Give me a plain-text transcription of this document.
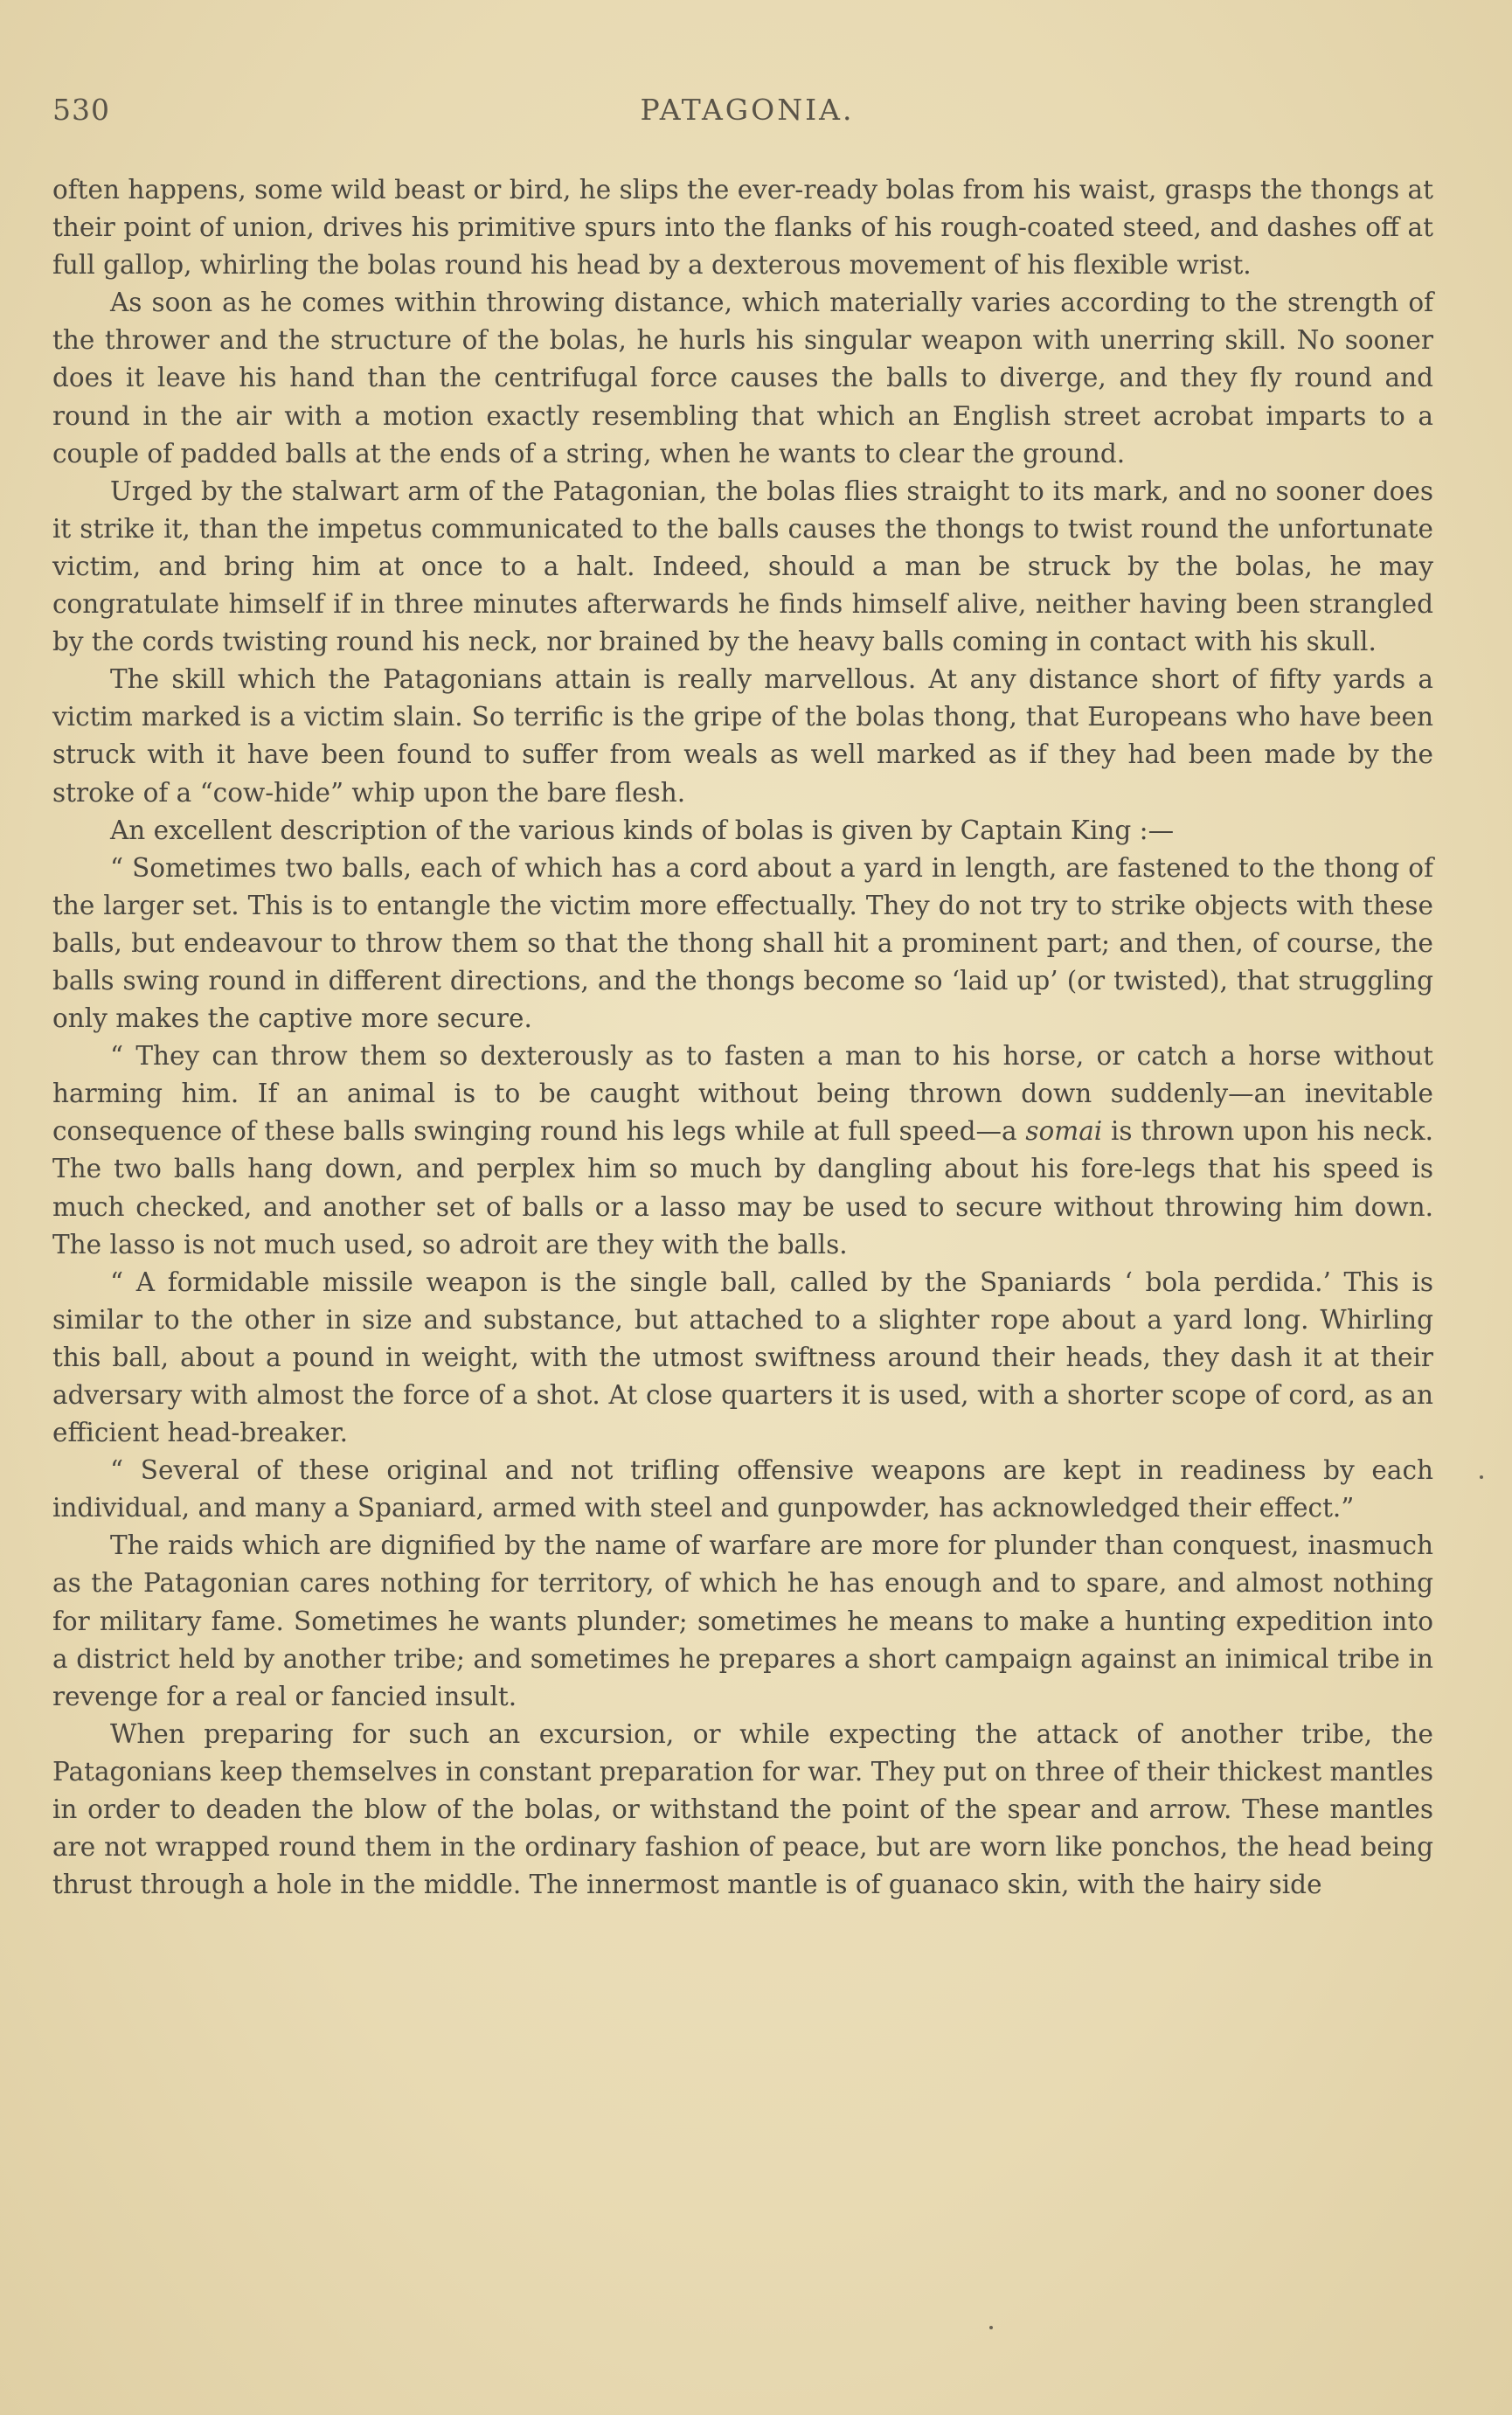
530	PATAGONIA.

often happens, some wild beast or bird, he slips the ever-ready bolas from his waist, grasps the thongs at their point of union, drives his primitive spurs into the flanks of his rough-coated steed, and dashes off at full gallop, whirling the bolas round his head by a dexterous movement of his flexible wrist.

As soon as he comes within throwing distance, which materially varies according to the strength of the thrower and the structure of the bolas, he hurls his singular weapon with unerring skill. No sooner does it leave his hand than the centrifugal force causes the balls to diverge, and they fly round and round in the air with a motion exactly resembling that which an English street acrobat imparts to a couple of padded balls at the ends of a string, when he wants to clear the ground.

Urged by the stalwart arm of the Patagonian, the bolas flies straight to its mark, and no sooner does it strike it, than the impetus communicated to the balls causes the thongs to twist round the unfortunate victim, and bring him at once to a halt. Indeed, should a man be struck by the bolas, he may congratulate himself if in three minutes afterwards he finds himself alive, neither having been strangled by the cords twisting round his neck, nor brained by the heavy balls coming in contact with his skull.

The skill which the Patagonians attain is really marvellous. At any distance short of fifty yards a victim marked is a victim slain. So terrific is the gripe of the bolas thong, that Europeans who have been struck with it have been found to suffer from weals as well marked as if they had been made by the stroke of a “cow-hide” whip upon the bare flesh.

An excellent description of the various kinds of bolas is given by Captain King :—

“ Sometimes two balls, each of which has a cord about a yard in length, are fastened to the thong of the larger set. This is to entangle the victim more effectually. They do not try to strike objects with these balls, but endeavour to throw them so that the thong shall hit a prominent part; and then, of course, the balls swing round in different directions, and the thongs become so ‘laid up’ (or twisted), that struggling only makes the captive more secure.

“ They can throw them so dexterously as to fasten a man to his horse, or catch a horse without harming him. If an animal is to be caught without being thrown down suddenly—an inevitable consequence of these balls swinging round his legs while at full speed—a somai is thrown upon his neck. The two balls hang down, and perplex him so much by dangling about his fore-legs that his speed is much checked, and another set of balls or a lasso may be used to secure without throwing him down. The lasso is not much used, so adroit are they with the balls.

“ A formidable missile weapon is the single ball, called by the Spaniards ‘ bola perdida.’ This is similar to the other in size and substance, but attached to a slighter rope about a yard long. Whirling this ball, about a pound in weight, with the utmost swiftness around their heads, they dash it at their adversary with almost the force of a shot. At close quarters it is used, with a shorter scope of cord, as an efficient head-breaker.

“ Several of these original and not trifling offensive weapons are kept in readiness by each individual, and many a Spaniard, armed with steel and gunpowder, has acknowledged their effect.”

The raids which are dignified by the name of warfare are more for plunder than conquest, inasmuch as the Patagonian cares nothing for territory, of which he has enough and to spare, and almost nothing for military fame. Sometimes he wants plunder; sometimes he means to make a hunting expedition into a district held by another tribe; and sometimes he prepares a short campaign against an inimical tribe in revenge for a real or fancied insult.

When preparing for such an excursion, or while expecting the attack of another tribe, the Patagonians keep themselves in constant preparation for war. They put on three of their thickest mantles in order to deaden the blow of the bolas, or withstand the point of the spear and arrow. These mantles are not wrapped round them in the ordinary fashion of peace, but are worn like ponchos, the head being thrust through a hole in the middle. The innermost mantle is of guanaco skin, with the hairy side
